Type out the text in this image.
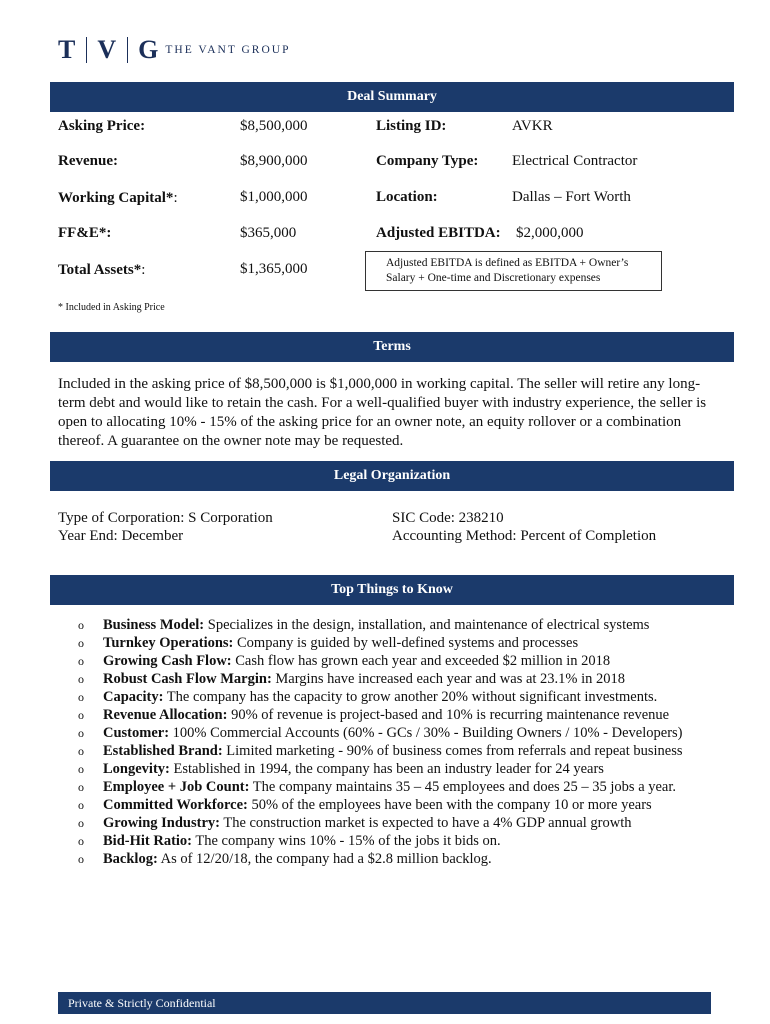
T V G THE VANT GROUP
Deal Summary
Asking Price:	$8,500,000	Listing ID:	AVKR
Revenue:	$8,900,000	Company Type: Electrical Contractor
Working Capital*:	$1,000,000	Location:	Dallas – Fort Worth
FF&E*:	$365,000	Adjusted EBITDA: $2,000,000
Total Assets*:	$1,365,000	Adjusted EBITDA is defined as EBITDA + Owner’s Salary + One-time and Discretionary expenses
* Included in Asking Price
Terms
Included in the asking price of $8,500,000 is $1,000,000 in working capital. The seller will retire any long-term debt and would like to retain the cash. For a well-qualified buyer with industry experience, the seller is open to allocating 10% - 15% of the asking price for an owner note, an equity rollover or a combination thereof. A guarantee on the owner note may be requested.
Legal Organization
Type of Corporation: S Corporation
Year End: December
SIC Code: 238210
Accounting Method: Percent of Completion
Top Things to Know
o Business Model: Specializes in the design, installation, and maintenance of electrical systems
o Turnkey Operations: Company is guided by well-defined systems and processes
o Growing Cash Flow: Cash flow has grown each year and exceeded $2 million in 2018
o Robust Cash Flow Margin: Margins have increased each year and was at 23.1% in 2018
o Capacity: The company has the capacity to grow another 20% without significant investments.
o Revenue Allocation: 90% of revenue is project-based and 10% is recurring maintenance revenue
o Customer: 100% Commercial Accounts (60% - GCs / 30% - Building Owners / 10% - Developers)
o Established Brand: Limited marketing - 90% of business comes from referrals and repeat business
o Longevity: Established in 1994, the company has been an industry leader for 24 years
o Employee + Job Count: The company maintains 35 – 45 employees and does 25 – 35 jobs a year.
o Committed Workforce: 50% of the employees have been with the company 10 or more years
o Growing Industry: The construction market is expected to have a 4% GDP annual growth
o Bid-Hit Ratio: The company wins 10% - 15% of the jobs it bids on.
o Backlog: As of 12/20/18, the company had a $2.8 million backlog.
Private & Strictly Confidential
